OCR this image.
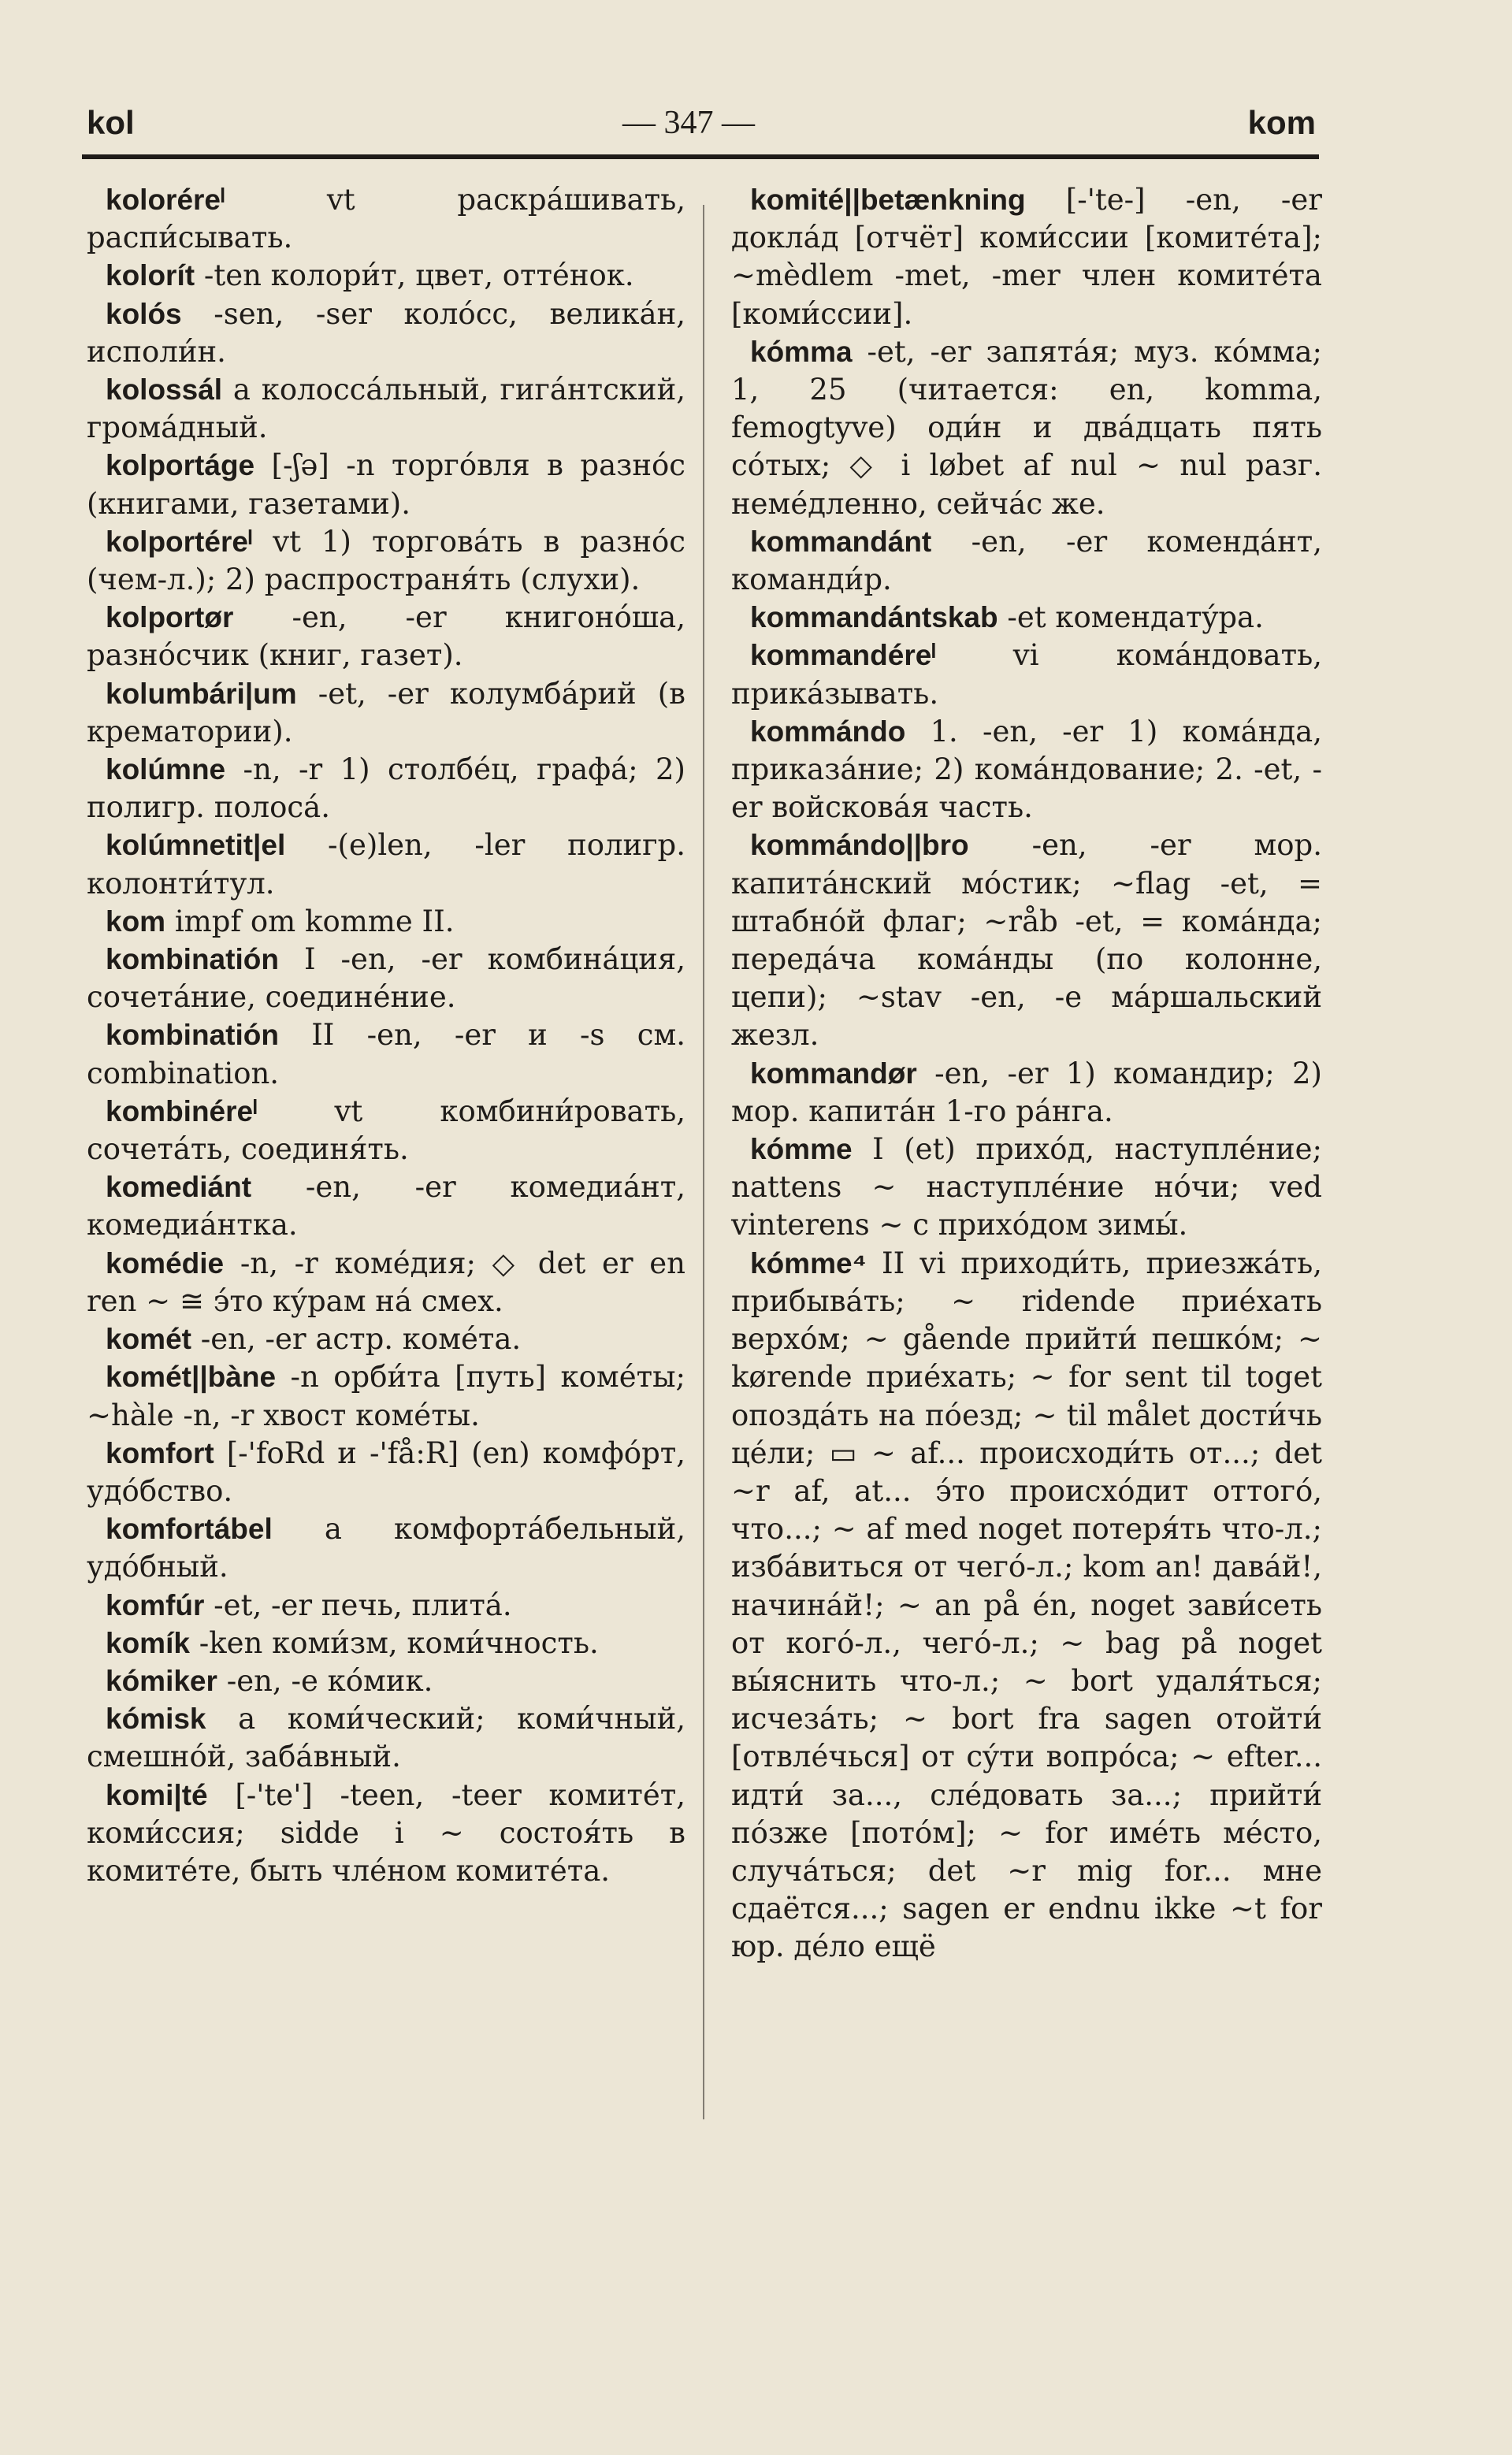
kol	— 347 —	kom

koloréreˡ	vt раскрáшивать, распи́сывать.

kolorít -ten колори́т, цвет, оттéнок.

kolós -sen, -ser колóсс, великáн, исполи́н.

kolossál a колоссáльный, гигáнтский, громáдный.

kolportáge [-ʃə] -n торгóвля в разнóс (книгами, газетами).

kolportéreˡ vt 1) торговáть в разнóс (чем-л.); 2) распространя́ть (слухи).

kolportør -en, -er книгонóша, разнóсчик (книг, газет).

kolumbári|um -et, -er колумбáрий (в крематории).

kolúmne -n, -r 1) столбéц, графá; 2) полигр. полосá.

kolúmnetit|el -(e)len, -ler полигр. колонти́тул.

kom impf om komme II.

kombinatión I -en, -er комбинáция, сочетáние, соединéние.

kombinatión II -en, -er и -s см. combination.

kombinéreˡ	vt комбини́ровать, сочетáть, соединя́ть.

komediánt -en, -er комедиáнт, комедиáнтка.

komédie -n, -r комéдия; ◇ det er en ren ~ ≅ э́то кýрам нá смех.

komét -en, -er астр. комéта.

komét||bàne -n орби́та [путь] комéты; ~hàle -n, -r хвост комéты.

komfort [-'foRd и -'få:R] (en) комфóрт, удóбство.

komfortábel a комфортáбельный, удóбный.

komfúr -et, -er печь, плитá.

komík -ken коми́зм, коми́чность.

kómiker -en, -e кóмик.

kómisk a коми́ческий; коми́чный, смешнóй, забáвный.

komi|té [-'te'] -teen, -teer комитéт, коми́ссия; sidde i ~ состоя́ть в комитéте, быть члéном комитéта.

komité||betænkning [-'te-] -en, -er доклáд [отчёт] коми́ссии [комитéта]; ~mèdlem -met, -mer член комитéта [коми́ссии].

kómma -et, -er запятáя; муз. кóмма; 1, 25 (читается: en, komma, femogtyve) оди́н и двáдцать пять сóтых; ◇ i løbet af nul ~ nul разг. немéдленно, сейчáс же.

kommandánt -en, -er комендáнт, команди́р.

kommandántskab -et комендатýра.

kommandéreˡ	vi комáндовать, прикáзывать.

kommándo 1. -en, -er 1) комáнда, приказáние; 2) комáндование; 2. -et, -er войсковáя часть.

kommándo||bro -en, -er мор. капитáнский мóстик; ~flag -et, = штабнóй флаг; ~råb -et, = комáнда; передáча комáнды (по колонне, цепи); ~stav -en, -e мáршальский жезл.

kommandør -en, -er 1) командир; 2) мор. капитáн 1-го рáнга.

kómme I (et) прихóд, наступлéние; nattens ~ наступлéние нóчи; ved vinterens ~ с прихóдом зимы́.

kómme⁴ II vi приходи́ть, приезжáть, прибывáть; ~ ridende приéхать верхóм; ~ gående прийти́ пешкóм; ~ kørende приéхать; ~ for sent til toget опоздáть на пóезд; ~ til målet дости́чь цéли; ▭ ~ af... происходи́ть от...; det ~r af, at... э́то происхóдит оттогó, что...; ~ af med noget потеря́ть что-л.; избáвиться от чегó-л.; kom an! давáй!, начинáй!; ~ an på én, noget зави́сеть от когó-л., чегó-л.; ~ bag på noget вы́яснить что-л.; ~ bort удаля́ться; исчезáть; ~ bort fra sagen отойти́ [отвлéчься] от сýти вопрóса; ~ efter... идти́ за..., слéдовать за...; прийти́ пóзже [потóм]; ~ for имéть мéсто, случáться; det ~r mig for... мне сдаётся...; sagen er endnu ikke ~t for юр. дéло ещё
